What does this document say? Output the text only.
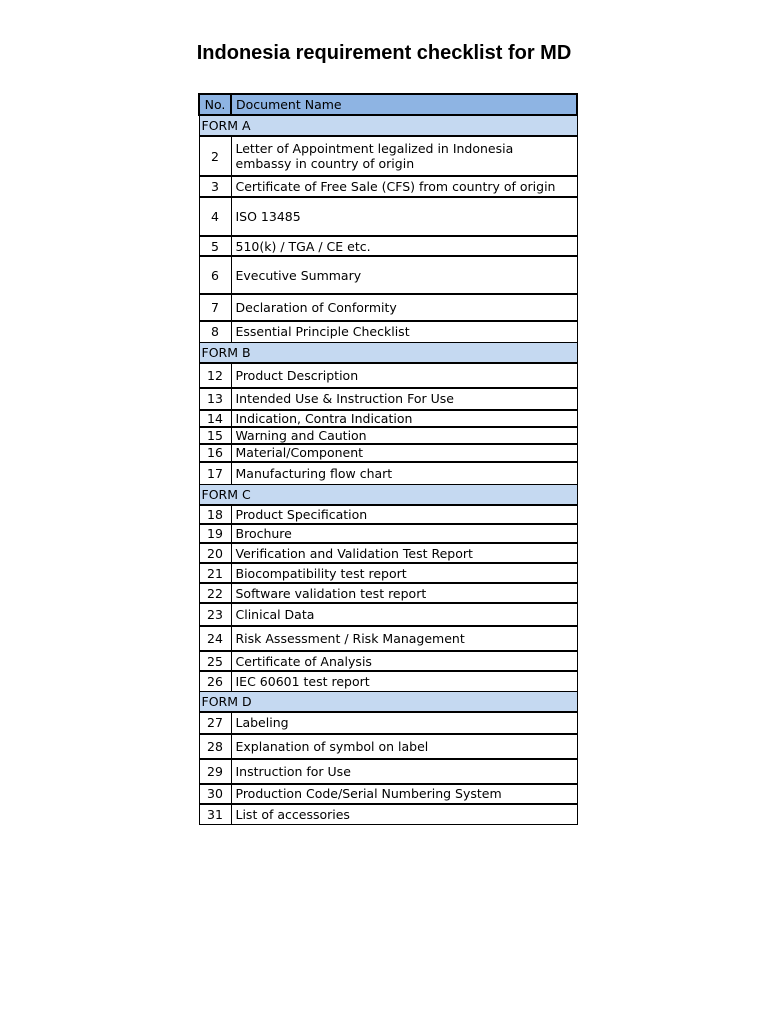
Indonesia requirement checklist for MD
No.	Document Name
FORM A	
2	Letter of Appointment legalized in Indonesia embassy in country of origin
3	Certificate of Free Sale (CFS) from country of origin
4	ISO 13485
5	510(k) / TGA / CE etc.
6	Evecutive Summary
7	Declaration of Conformity
8	Essential Principle Checklist
FORM B	
12	Product Description
13	Intended Use & Instruction For Use
14	Indication, Contra Indication
15	Warning and Caution
16	Material/Component
17	Manufacturing flow chart
FORM C	
18	Product Specification
19	Brochure
20	Verification and Validation Test Report
21	Biocompatibility test report
22	Software validation test report
23	Clinical Data
24	Risk Assessment / Risk Management
25	Certificate of Analysis
26	IEC 60601 test report
FORM D	
27	Labeling
28	Explanation of symbol on label
29	Instruction for Use
30	Production Code/Serial Numbering System
31	List of accessories
